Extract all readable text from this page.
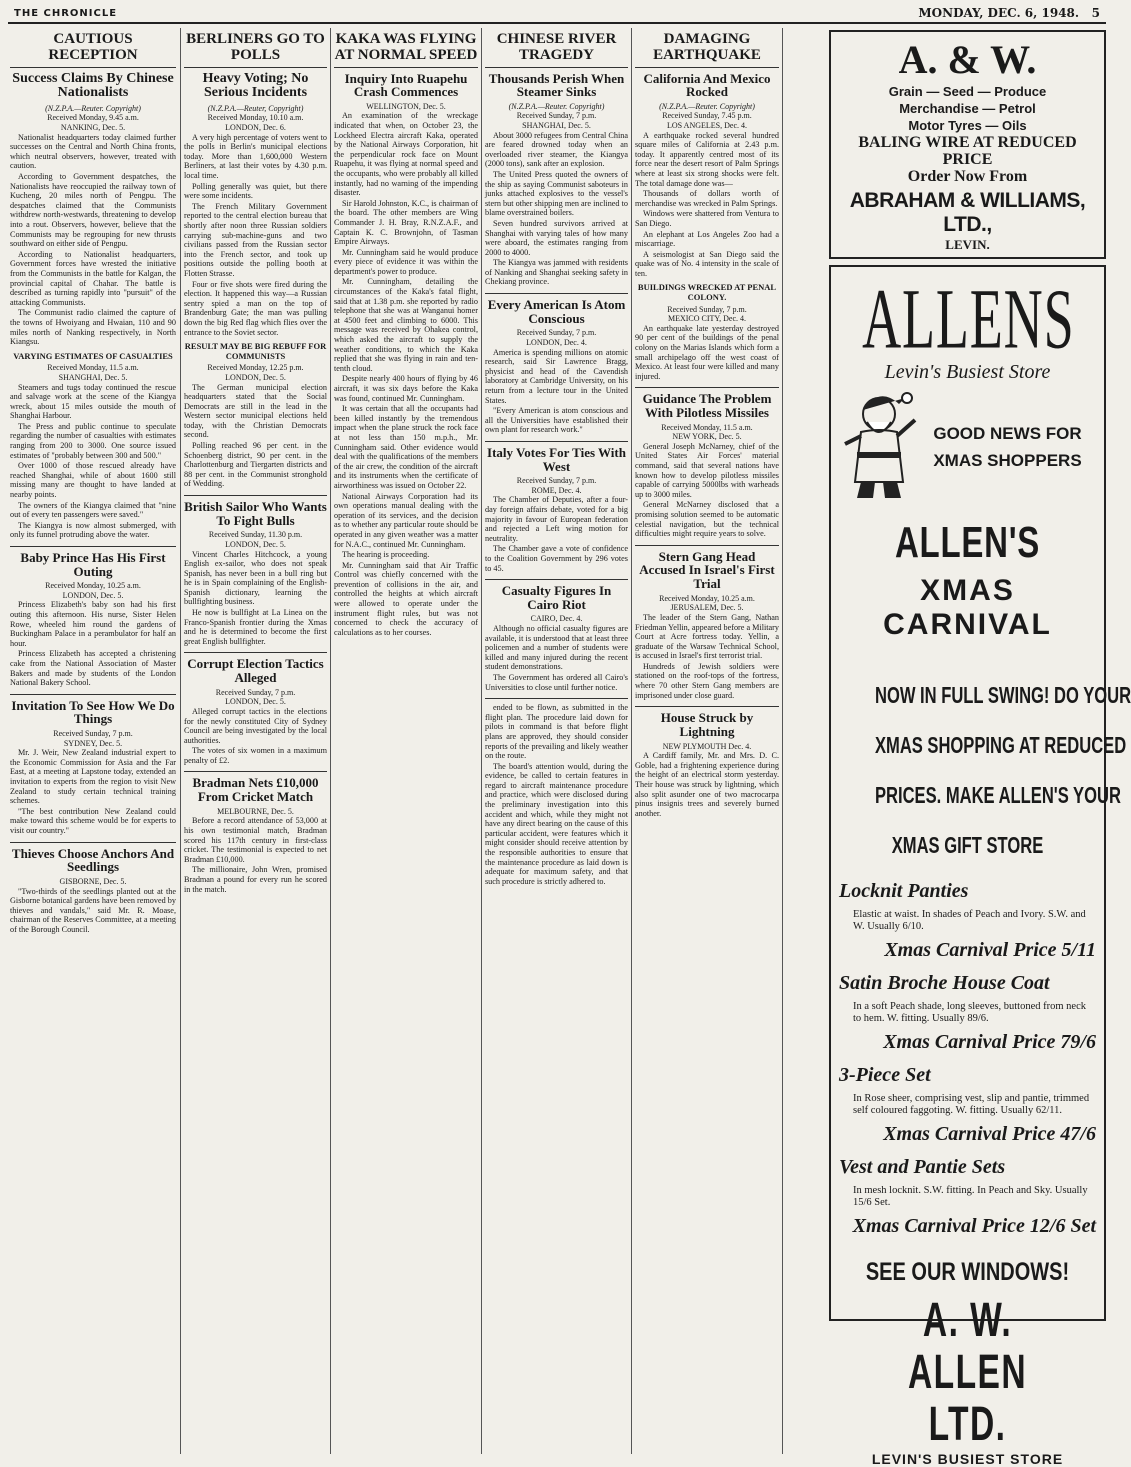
THE CHRONICLE	MONDAY, DEC. 6, 1948. 5
CAUTIOUS RECEPTION
Success Claims By Chinese Nationalists
(N.Z.P.A.—Reuter. Copyright)
Received Monday, 9.45 a.m.
NANKING, Dec. 5.

Nationalist headquarters today claimed further successes on the Central and North China fronts, which neutral observers, however, treated with caution.

According to Government despatches, the Nationalists have reoccupied the railway town of Kucheng, 20 miles north of Pengpu. The despatches claimed that the Communists withdrew north-westwards, threatening to develop into a rout. Observers, however, believe that the Communists may be regrouping for new thrusts southward on either side of Pengpu.

According to Nationalist headquarters, Government forces have wrested the initiative from the Communists in the battle for Kalgan, the provincial capital of Chahar. The battle is described as turning rapidly into "pursuit" of the attacking Communists.

The Communist radio claimed the capture of the towns of Hwoiyang and Hwaian, 110 and 90 miles north of Nanking respectively, in North Kiangsu.

VARYING ESTIMATES OF CASUALTIES
Received Monday, 11.5 a.m.
SHANGHAI, Dec. 5.

Steamers and tugs today continued the rescue and salvage work at the scene of the Kiangya wreck, about 15 miles outside the mouth of Shanghai Harbour.

The Press and public continue to speculate regarding the number of casualties with estimates ranging from 200 to 3000. One source issued estimates of "probably between 300 and 500."

Over 1000 of those rescued already have reached Shanghai, while of about 1600 still missing many are thought to have landed at nearby points.

The owners of the Kiangya claimed that "nine out of every ten passengers were saved."

The Kiangya is now almost submerged, with only its funnel protruding above the water.

Baby Prince Has His First Outing
Received Monday, 10.25 a.m.
LONDON, Dec. 5.

Princess Elizabeth's baby son had his first outing this afternoon. His nurse, Sister Helen Rowe, wheeled him round the gardens of Buckingham Palace in a perambulator for half an hour.

Princess Elizabeth has accepted a christening cake from the National Association of Master Bakers and made by students of the London National Bakery School.

Invitation To See How We Do Things
Received Sunday, 7 p.m.
SYDNEY, Dec. 5.

Mr. J. Weir, New Zealand industrial expert to the Economic Commission for Asia and the Far East, at a meeting at Lapstone today, extended an invitation to experts from the region to visit New Zealand to study certain technical training schemes.

"The best contribution New Zealand could make toward this scheme would be for experts to visit our country."

Thieves Choose Anchors And Seedlings
GISBORNE, Dec. 5.

"Two-thirds of the seedlings planted out at the Gisborne botanical gardens have been removed by thieves and vandals," said Mr. R. Moase, chairman of the Reserves Committee, at a meeting of the Borough Council.

BERLINERS GO TO POLLS
Heavy Voting; No Serious Incidents
(N.Z.P.A.—Reuter, Copyright)
Received Monday, 10.10 a.m.
LONDON, Dec. 6.

A very high percentage of voters went to the polls in Berlin's municipal elections today. More than 1,600,000 Western Berliners, at last their votes by 4.30 p.m. local time.

Polling generally was quiet, but there were some incidents.

The French Military Government reported to the central election bureau that shortly after noon three Russian soldiers carrying sub-machine-guns and two civilians passed from the Russian sector into the French sector, and took up positions outside the polling booth at Flotten Strasse.

Four or five shots were fired during the election. It happened this way—a Russian sentry spied a man on the top of Brandenburg Gate; the man was pulling down the big Red flag which flies over the entrance to the Soviet sector.

RESULT MAY BE BIG REBUFF FOR COMMUNISTS
Received Monday, 12.25 p.m.
LONDON, Dec. 5.

The German municipal election headquarters stated that the Social Democrats are still in the lead in the Western sector municipal elections held today, with the Christian Democrats second.

Polling reached 96 per cent. in the Schoenberg district, 90 per cent. in the Charlottenburg and Tiergarten districts and 88 per cent. in the Communist stronghold of Wedding.

British Sailor Who Wants To Fight Bulls
Received Sunday, 11.30 p.m.
LONDON, Dec. 5.

Vincent Charles Hitchcock, a young English ex-sailor, who does not speak Spanish, has never been in a bull ring but he is in Spain complaining of the English-Spanish dictionary, learning the bullfighting business.

He now is bullfight at La Linea on the Franco-Spanish frontier during the Xmas and he is determined to become the first great English bullfighter.

Corrupt Election Tactics Alleged
Received Sunday, 7 p.m.
LONDON, Dec. 5.

Alleged corrupt tactics in the elections for the newly constituted City of Sydney Council are being investigated by the local authorities.

The votes of six women in a maximum penalty of £2.

Bradman Nets £10,000 From Cricket Match
MELBOURNE, Dec. 5.

Before a record attendance of 53,000 at his own testimonial match, Bradman scored his 117th century in first-class cricket. The testimonial is expected to net Bradman £10,000.

The millionaire, John Wren, promised Bradman a pound for every run he scored in the match.

KAKA WAS FLYING AT NORMAL SPEED
Inquiry Into Ruapehu Crash Commences
WELLINGTON, Dec. 5.

An examination of the wreckage indicated that when, on October 23, the Lockheed Electra aircraft Kaka, operated by the National Airways Corporation, hit the perpendicular rock face on Mount Ruapehu, it was flying at normal speed and the occupants, who were probably all killed instantly, had no warning of the impending disaster.

Sir Harold Johnston, K.C., is chairman of the board. The other members are Wing Commander J. H. Bray, R.N.Z.A.F., and Captain K. C. Brownjohn, of Tasman Empire Airways.

Mr. Cunningham said he would produce every piece of evidence it was within the department's power to produce.

Mr. Cunningham, detailing the circumstances of the Kaka's fatal flight, said that at 1.38 p.m. she reported by radio telephone that she was at Wanganui homer at 4500 feet and climbing to 6000. This message was received by Ohakea control, which asked the aircraft to supply the weather conditions, to which the Kaka replied that she was flying in rain and ten-tenth cloud.

Despite nearly 400 hours of flying by 46 aircraft, it was six days before the Kaka was found, continued Mr. Cunningham.

It was certain that all the occupants had been killed instantly by the tremendous impact when the plane struck the rock face at not less than 150 m.p.h., Mr. Cunningham said. Other evidence would deal with the qualifications of the members of the air crew, the condition of the aircraft and its instruments when the certificate of airworthiness was issued on October 22.

National Airways Corporation had its own operations manual dealing with the operation of its services, and the decision as to whether any particular route should be operated in any given weather was a matter for N.A.C., continued Mr. Cunningham.

The hearing is proceeding.

Mr. Cunningham said that Air Traffic Control was chiefly concerned with the prevention of collisions in the air, and controlled the heights at which aircraft were allowed to operate under the instrument flight rules, but was not concerned to check the accuracy of calculations as to her courses.

CHINESE RIVER TRAGEDY
Thousands Perish When Steamer Sinks
(N.Z.P.A.—Reuter. Copyright)
Received Sunday, 7 p.m.
SHANGHAI, Dec. 5.

About 3000 refugees from Central China are feared drowned today when an overloaded river steamer, the Kiangya (2000 tons), sank after an explosion.

The United Press quoted the owners of the ship as saying Communist saboteurs in junks attached explosives to the vessel's stern but other shipping men are inclined to blame overstrained boilers.

Seven hundred survivors arrived at Shanghai with varying tales of how many were aboard, the estimates ranging from 2000 to 4000.

The Kiangya was jammed with residents of Nanking and Shanghai seeking safety in Chekiang province.

Every American Is Atom Conscious
Received Sunday, 7 p.m.
LONDON, Dec. 4.

America is spending millions on atomic research, said Sir Lawrence Bragg, physicist and head of the Cavendish laboratory at Cambridge University, on his return from a lecture tour in the United States.

"Every American is atom conscious and all the Universities have established their own plant for research work."

Italy Votes For Ties With West
Received Sunday, 7 p.m.
ROME, Dec. 4.

The Chamber of Deputies, after a four-day foreign affairs debate, voted for a big majority in favour of European federation and rejected a Left wing motion for neutrality.

The Chamber gave a vote of confidence to the Coalition Government by 296 votes to 45.

Casualty Figures In Cairo Riot
CAIRO, Dec. 4.

Although no official casualty figures are available, it is understood that at least three policemen and a number of students were killed and many injured during the recent student demonstrations.

The Government has ordered all Cairo's Universities to close until further notice.

ended to be flown, as submitted in the flight plan. The procedure laid down for pilots in command is that before flight plans are approved, they should consider reports of the prevailing and likely weather on the route.

The board's attention would, during the evidence, be called to certain features in regard to aircraft maintenance procedure and practice, which were disclosed during the preliminary investigation into this accident and which, while they might not have any direct bearing on the cause of this particular accident, were features which it might consider should receive attention by the responsible authorities to ensure that the maintenance procedure as laid down is adequate for maximum safety, and that such procedure is strictly adhered to.

DAMAGING EARTHQUAKE
California And Mexico Rocked
(N.Z.P.A.—Reuter. Copyright)
Received Sunday, 7.45 p.m.
LOS ANGELES, Dec. 4.

A earthquake rocked several hundred square miles of California at 2.43 p.m. today. It apparently centred most of its force near the desert resort of Palm Springs where at least six strong shocks were felt. The total damage done was—

Thousands of dollars worth of merchandise was wrecked in Palm Springs.

Windows were shattered from Ventura to San Diego.

An elephant at Los Angeles Zoo had a miscarriage.

A seismologist at San Diego said the quake was of No. 4 intensity in the scale of ten.

BUILDINGS WRECKED AT PENAL COLONY.
Received Sunday, 7 p.m.
MEXICO CITY, Dec. 4.

An earthquake late yesterday destroyed 90 per cent of the buildings of the penal colony on the Marias Islands which form a small archipelago off the west coast of Mexico. At least four were killed and many injured.

Guidance The Problem With Pilotless Missiles
Received Monday, 11.5 a.m.
NEW YORK, Dec. 5.

General Joseph McNarney, chief of the United States Air Forces' material command, said that several nations have known how to develop pilotless missiles capable of carrying 5000lbs with warheads up to 3000 miles.

General McNarney disclosed that a promising solution seemed to be automatic celestial navigation, but the technical difficulties might require years to solve.

Stern Gang Head Accused In Israel's First Trial
Received Monday, 10.25 a.m.
JERUSALEM, Dec. 5.

The leader of the Stern Gang, Nathan Friedman Yellin, appeared before a Military Court at Acre fortress today. Yellin, a graduate of the Warsaw Technical School, is accused in Israel's first terrorist trial.

Hundreds of Jewish soldiers were stationed on the roof-tops of the fortress, where 70 other Stern Gang members are imprisoned under close guard.

House Struck by Lightning
NEW PLYMOUTH Dec. 4.

A Cardiff family, Mr. and Mrs. D. C. Goble, had a frightening experience during the height of an electrical storm yesterday. Their house was struck by lightning, which also split asunder one of two macrocarpa pinus insignis trees and severely burned another.

A. & W.
Grain — Seed — Produce
Merchandise — Petrol
Motor Tyres — Oils
BALING WIRE AT REDUCED PRICE
Order Now From
ABRAHAM & WILLIAMS, LTD.,
LEVIN.
ALLENS
Levin's Busiest Store
GOOD NEWS FOR XMAS SHOPPERS
ALLEN'S
XMAS CARNIVAL
NOW IN FULL SWING! DO YOUR
XMAS SHOPPING AT REDUCED
PRICES. MAKE ALLEN'S YOUR
XMAS GIFT STORE
Locknit Panties
Elastic at waist. In shades of Peach and Ivory. S.W. and W. Usually 6/10.
Xmas Carnival Price 5/11
Satin Broche House Coat
In a soft Peach shade, long sleeves, buttoned from neck to hem. W. fitting. Usually 89/6.
Xmas Carnival Price 79/6
3-Piece Set
In Rose sheer, comprising vest, slip and pantie, trimmed self coloured faggoting. W. fitting. Usually 62/11.
Xmas Carnival Price 47/6
Vest and Pantie Sets
In mesh locknit. S.W. fitting. In Peach and Sky. Usually 15/6 Set.
Xmas Carnival Price 12/6 Set
SEE OUR WINDOWS!
A. W. ALLEN LTD.
LEVIN'S BUSIEST STORE
